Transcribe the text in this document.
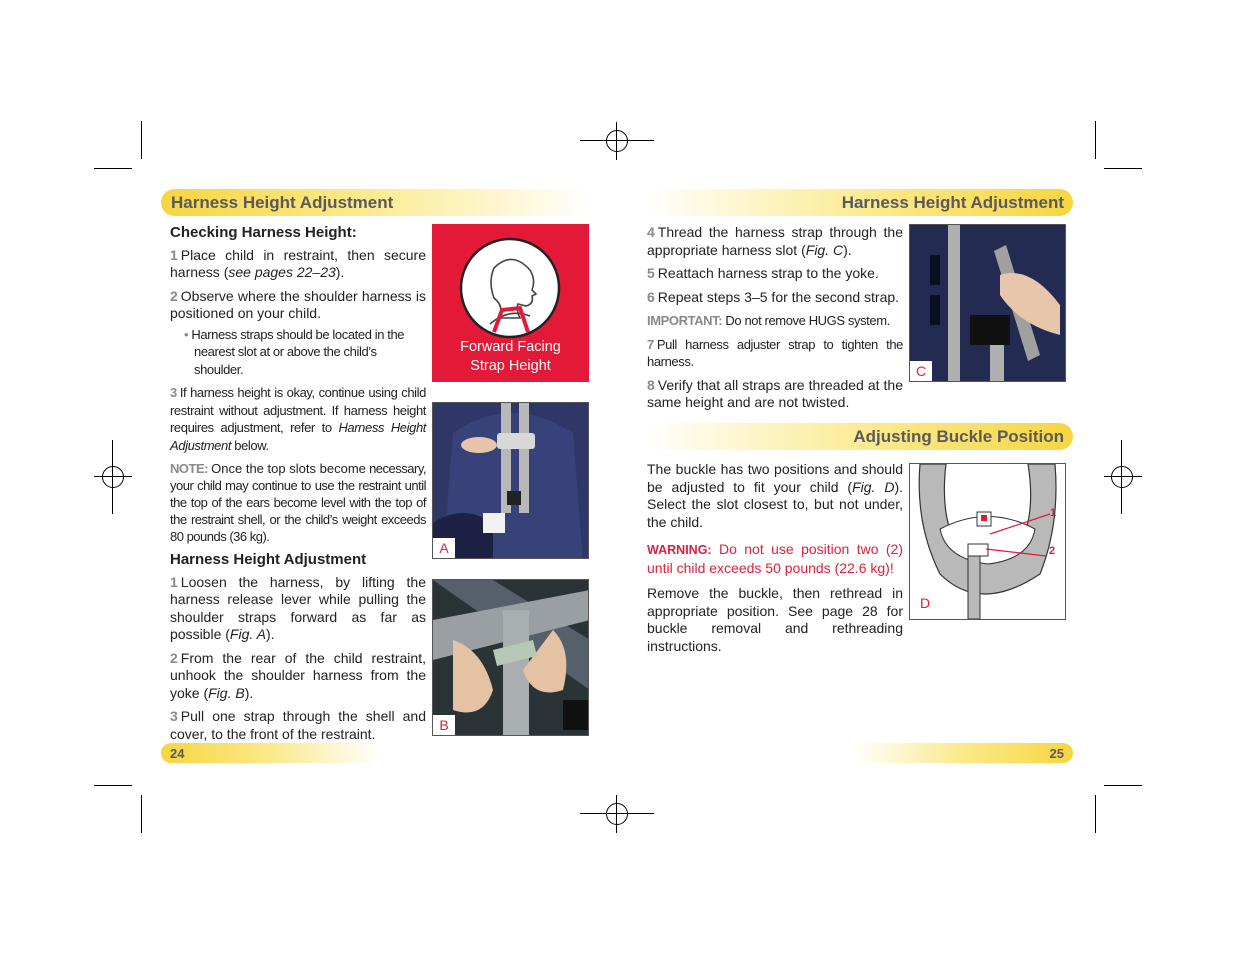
Harness Height Adjustment
Checking Harness Height:

1 Place child in restraint, then secure harness (see pages 22–23).

2 Observe where the shoulder harness is positioned on your child.

• Harness straps should be located in the nearest slot at or above the child’s shoulder.

3 If harness height is okay, continue using child restraint without adjustment. If harness height requires adjustment, refer to Harness Height Adjustment below.

NOTE: Once the top slots become necessary, your child may continue to use the restraint until the top of the ears become level with the top of the restraint shell, or the child’s weight exceeds 80 pounds (36 kg).

Harness Height Adjustment

1 Loosen the harness, by lifting the harness release lever while pulling the shoulder straps forward as far as possible (Fig. A).

2 From the rear of the child restraint, unhook the shoulder harness from the yoke (Fig. B).

3 Pull one strap through the shell and cover, to the front of the restraint.

Forward Facing
Strap Height
A
B
24
Harness Height Adjustment

4 Thread the harness strap through the appropriate harness slot (Fig. C).

5 Reattach harness strap to the yoke.

6 Repeat steps 3–5 for the second strap.

IMPORTANT: Do not remove HUGS system.

7 Pull harness adjuster strap to tighten the harness.

8 Verify that all straps are threaded at the same height and are not twisted.

C
Adjusting Buckle Position

The buckle has two positions and should be adjusted to fit your child (Fig. D). Select the slot closest to, but not under, the child.

WARNING: Do not use position two (2) until child exceeds 50 pounds (22.6 kg)!

Remove the buckle, then rethread in appropriate position. See page 28 for buckle removal and rethreading instructions.

1
2
D
25
